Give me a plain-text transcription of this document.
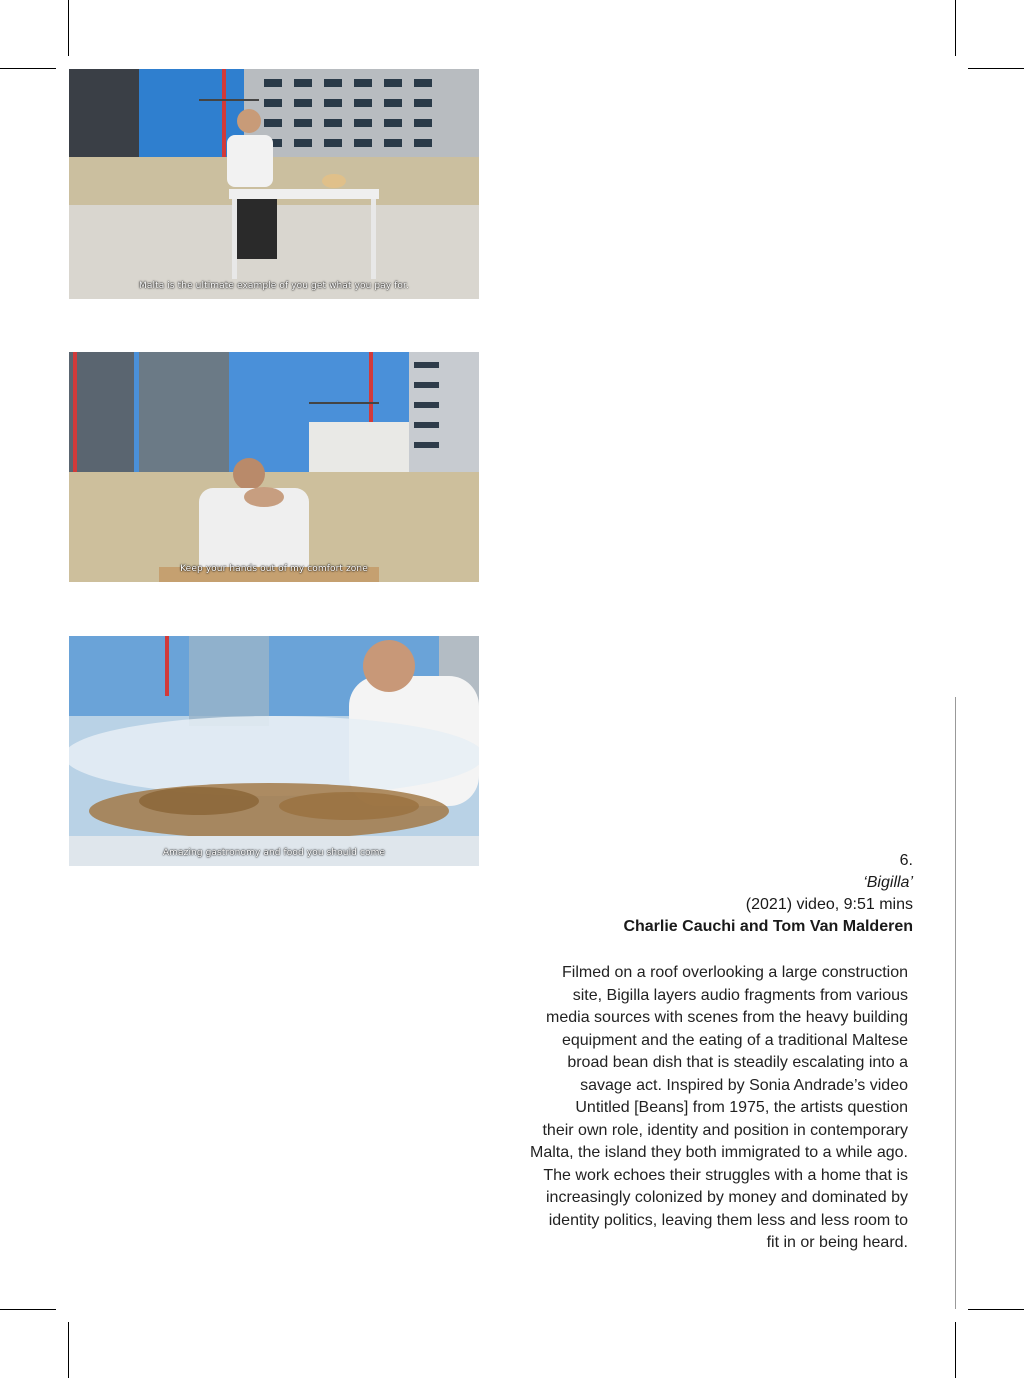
Malta is the ultimate example of you get what you pay for.
Keep your hands out of my comfort zone
Amazing gastronomy and food you should come	6.
‘Bigilla’
(2021) video, 9:51 mins
Charlie Cauchi and Tom Van Malderen
Filmed on a roof overlooking a large construction
site, Bigilla layers audio fragments from various
media sources with scenes from the heavy building
equipment and the eating of a traditional Maltese
broad bean dish that is steadily escalating into a
savage act. Inspired by Sonia Andrade’s video
Untitled [Beans] from 1975, the artists question
their own role, identity and position in contemporary
Malta, the island they both immigrated to a while ago.
The work echoes their struggles with a home that is
increasingly colonized by money and dominated by
identity politics, leaving them less and less room to
fit in or being heard.
